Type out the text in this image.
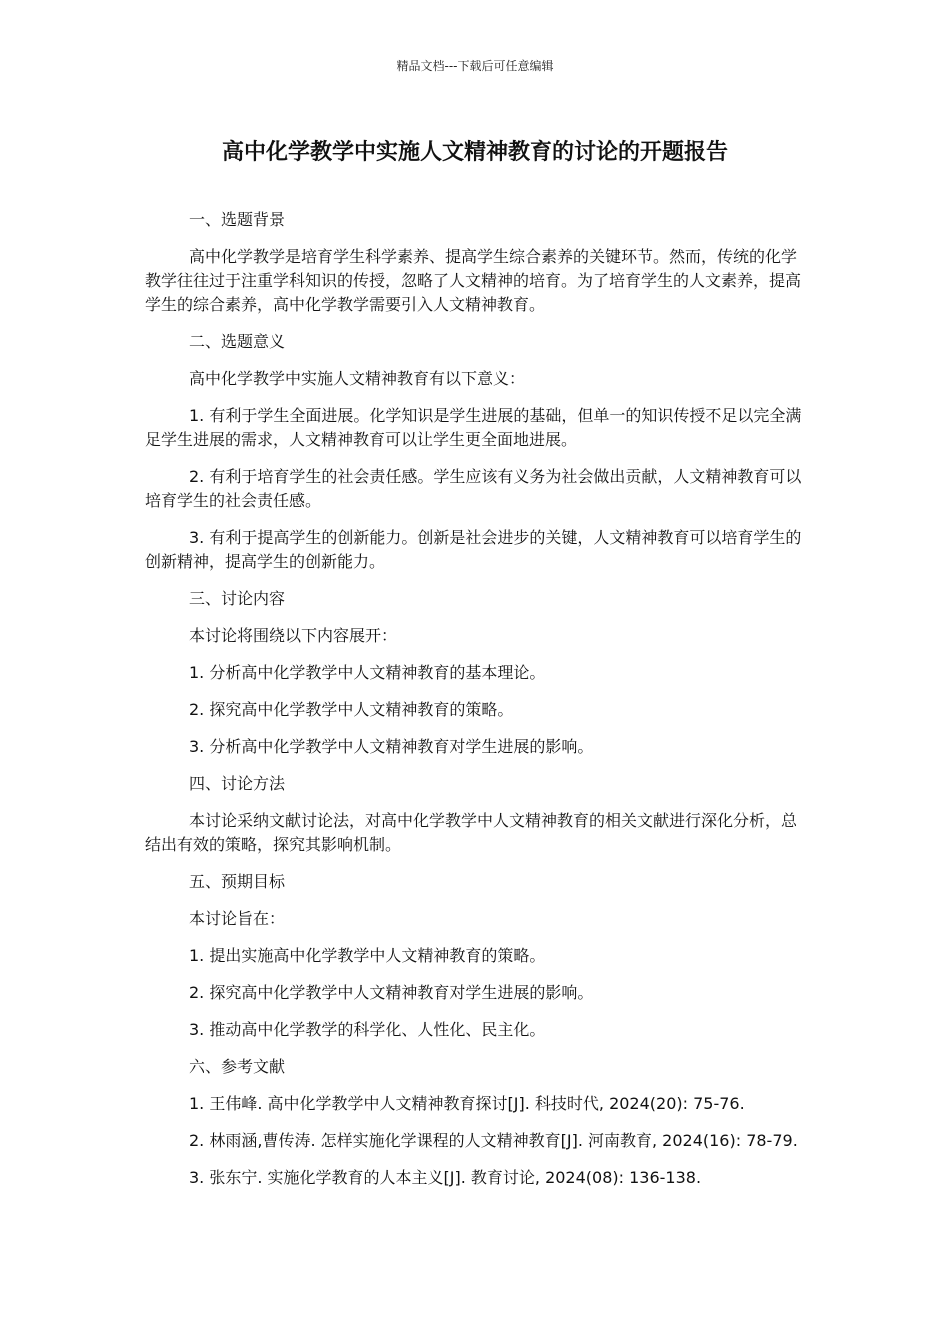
精品文档---下载后可任意编辑
高中化学教学中实施人文精神教育的讨论的开题报告

一、选题背景

高中化学教学是培育学生科学素养、提高学生综合素养的关键环节。然而，传统的化学教学往往过于注重学科知识的传授，忽略了人文精神的培育。为了培育学生的人文素养，提高学生的综合素养，高中化学教学需要引入人文精神教育。

二、选题意义

高中化学教学中实施人文精神教育有以下意义：

1. 有利于学生全面进展。化学知识是学生进展的基础，但单一的知识传授不足以完全满足学生进展的需求，人文精神教育可以让学生更全面地进展。

2. 有利于培育学生的社会责任感。学生应该有义务为社会做出贡献，人文精神教育可以培育学生的社会责任感。

3. 有利于提高学生的创新能力。创新是社会进步的关键，人文精神教育可以培育学生的创新精神，提高学生的创新能力。

三、讨论内容

本讨论将围绕以下内容展开：

1. 分析高中化学教学中人文精神教育的基本理论。

2. 探究高中化学教学中人文精神教育的策略。

3. 分析高中化学教学中人文精神教育对学生进展的影响。

四、讨论方法

本讨论采纳文献讨论法，对高中化学教学中人文精神教育的相关文献进行深化分析，总结出有效的策略，探究其影响机制。

五、预期目标

本讨论旨在：

1. 提出实施高中化学教学中人文精神教育的策略。

2. 探究高中化学教学中人文精神教育对学生进展的影响。

3. 推动高中化学教学的科学化、人性化、民主化。

六、参考文献

1. 王伟峰. 高中化学教学中人文精神教育探讨[J]. 科技时代, 2024(20): 75-76.

2. 林雨涵,曹传涛. 怎样实施化学课程的人文精神教育[J]. 河南教育, 2024(16): 78-79.

3. 张东宁. 实施化学教育的人本主义[J]. 教育讨论, 2024(08): 136-138.
